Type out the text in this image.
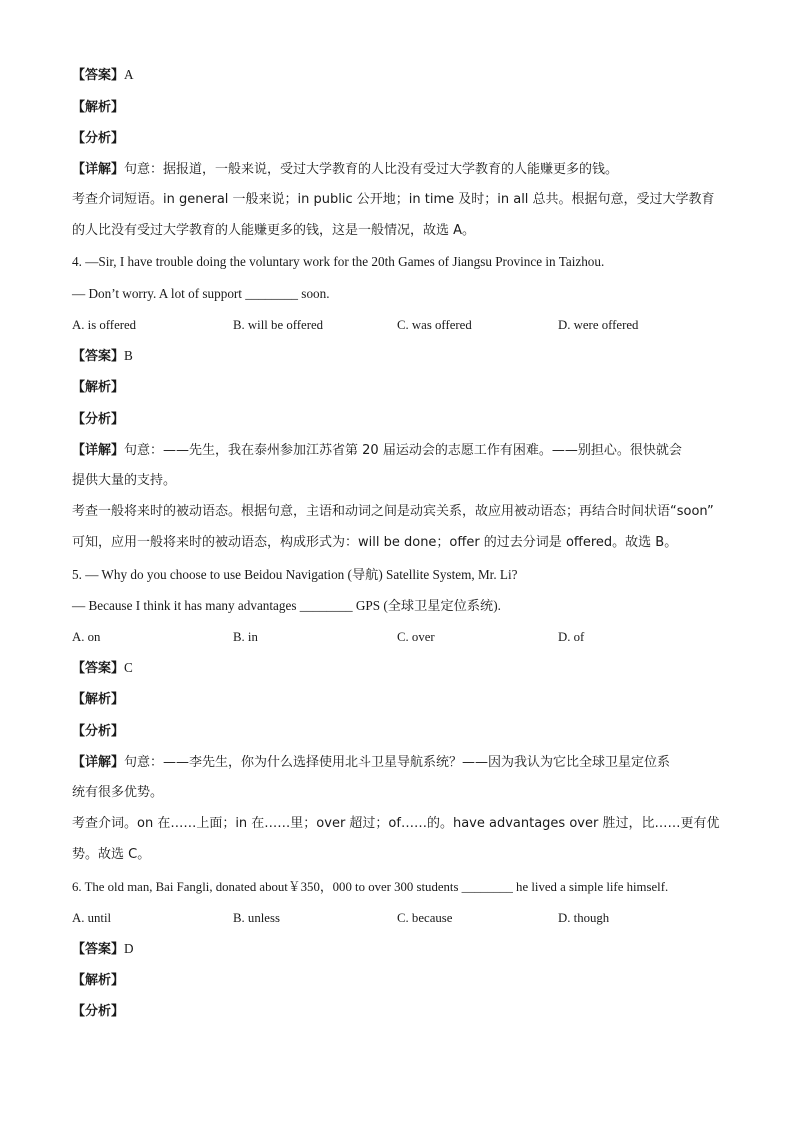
【答案】A
【解析】
【分析】
【详解】句意：据报道，一般来说，受过大学教育的人比没有受过大学教育的人能赚更多的钱。
考查介词短语。in general 一般来说；in public 公开地；in time 及时；in all 总共。根据句意，受过大学教育
的人比没有受过大学教育的人能赚更多的钱，这是一般情况，故选 A。
4. —Sir, I have trouble doing the voluntary work for the 20th Games of Jiangsu Province in Taizhou.
— Don’t worry. A lot of support ________ soon.
A. is offered	B. will be offered	C. was offered	D. were offered
【答案】B
【解析】
【分析】
【详解】句意：——先生，我在泰州参加江苏省第 20 届运动会的志愿工作有困难。——别担心。很快就会
提供大量的支持。
考查一般将来时的被动语态。根据句意，主语和动词之间是动宾关系，故应用被动语态；再结合时间状语“soon”
可知，应用一般将来时的被动语态，构成形式为：will be done；offer 的过去分词是 offered。故选 B。
5. — Why do you choose to use Beidou Navigation (导航) Satellite System, Mr. Li?
— Because I think it has many advantages ________ GPS (全球卫星定位系统).
A. on	B. in	C. over	D. of
【答案】C
【解析】
【分析】
【详解】句意：——李先生，你为什么选择使用北斗卫星导航系统？——因为我认为它比全球卫星定位系
统有很多优势。
考查介词。on 在……上面；in 在……里；over 超过；of……的。have advantages over 胜过，比……更有优
势。故选 C。
6. The old man, Bai Fangli, donated about￥350，000 to over 300 students ________ he lived a simple life himself.
A. until	B. unless	C. because	D. though
【答案】D
【解析】
【分析】
